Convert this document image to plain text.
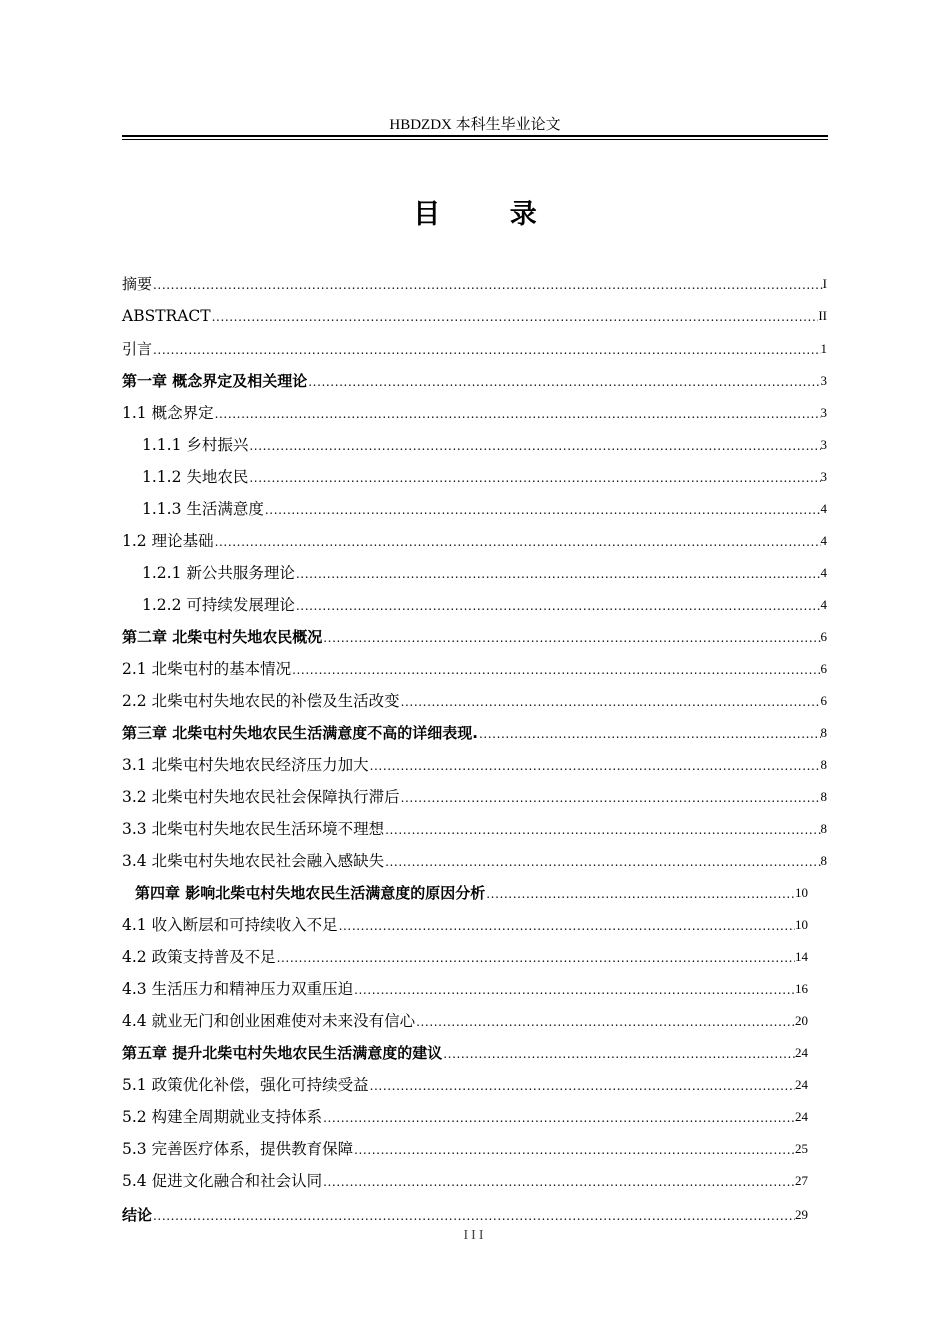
HBDZDX 本科生毕业论文
目 录
摘要 .....	I
ABSTRACT .....	II
引言 .....	1
第一章 概念界定及相关理论 .....	3
1.1 概念界定 .....	3
1.1.1 乡村振兴 .....	3
1.1.2 失地农民 .....	3
1.1.3 生活满意度 .....	4
1.2 理论基础 .....	4
1.2.1 新公共服务理论 .....	4
1.2.2 可持续发展理论 .....	4
第二章 北柴屯村失地农民概况 .....	6
2.1 北柴屯村的基本情况 .....	6
2.2 北柴屯村失地农民的补偿及生活改变 .....	6
第三章 北柴屯村失地农民生活满意度不高的详细表现. .....	8
3.1 北柴屯村失地农民经济压力加大 .....	8
3.2 北柴屯村失地农民社会保障执行滞后 .....	8
3.3 北柴屯村失地农民生活环境不理想 .....	8
3.4 北柴屯村失地农民社会融入感缺失 .....	8
第四章 影响北柴屯村失地农民生活满意度的原因分析 .....	10
4.1 收入断层和可持续收入不足 .....	10
4.2 政策支持普及不足 .....	14
4.3 生活压力和精神压力双重压迫 .....	16
4.4 就业无门和创业困难使对未来没有信心 .....	20
第五章 提升北柴屯村失地农民生活满意度的建议 .....	24
5.1 政策优化补偿，强化可持续受益 .....	24
5.2 构建全周期就业支持体系 .....	24
5.3 完善医疗体系，提供教育保障 .....	25
5.4 促进文化融合和社会认同 .....	27
结论 .....	29
III
